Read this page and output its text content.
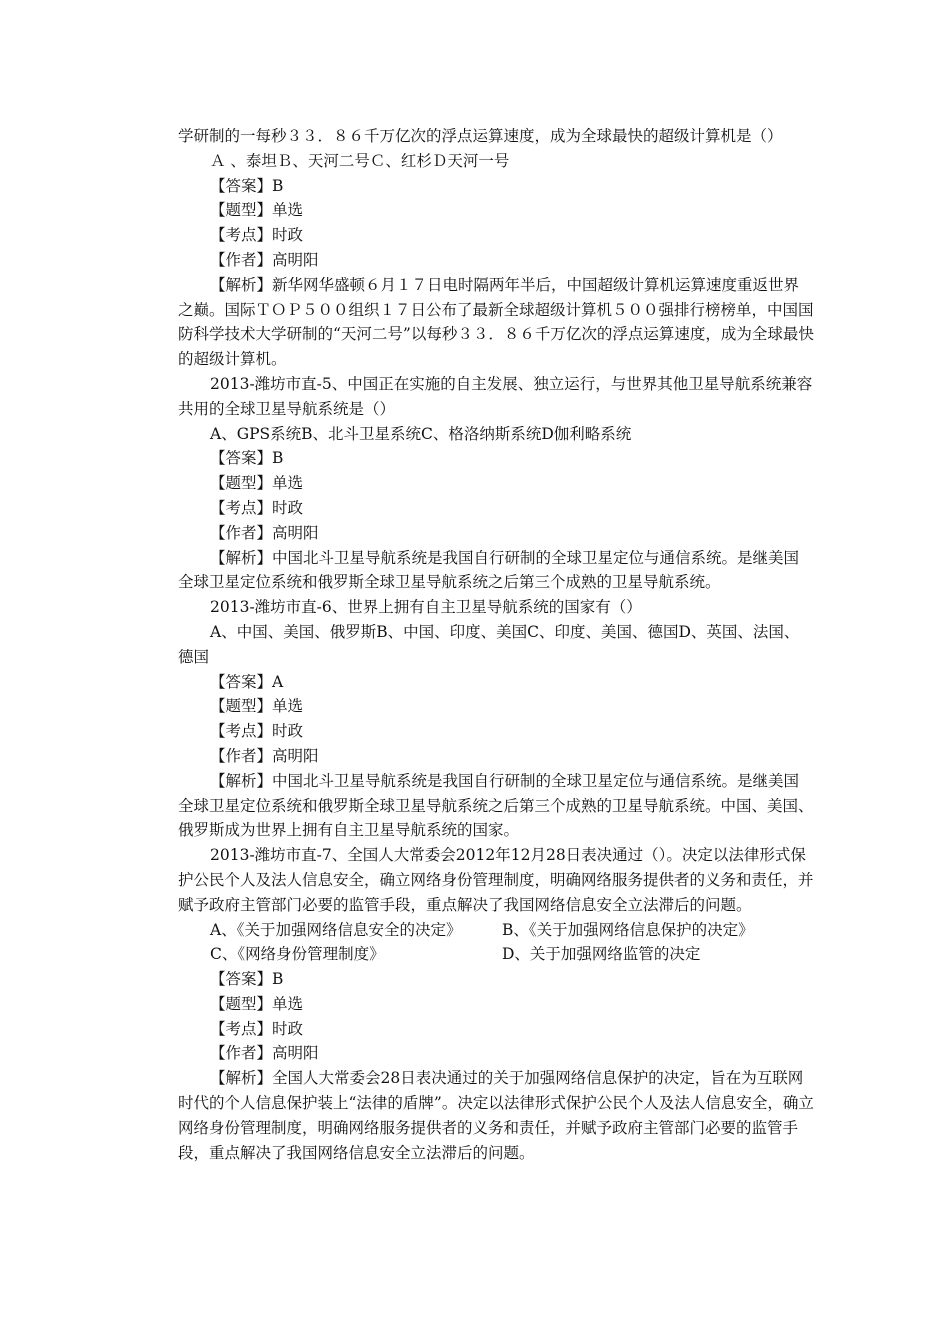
学研制的一每秒３３．８６千万亿次的浮点运算速度，成为全球最快的超级计算机是（）

Ａ 、泰坦Ｂ、天河二号Ｃ、红杉Ｄ天河一号

【答案】B

【题型】单选

【考点】时政

【作者】高明阳

【解析】新华网华盛顿６月１７日电时隔两年半后，中国超级计算机运算速度重返世界之巅。国际ＴＯＰ５００组织１７日公布了最新全球超级计算机５００强排行榜榜单，中国国防科学技术大学研制的“天河二号”以每秒３３．８６千万亿次的浮点运算速度，成为全球最快的超级计算机。

2013-潍坊市直-5、中国正在实施的自主发展、独立运行，与世界其他卫星导航系统兼容共用的全球卫星导航系统是（）

A、GPS系统B、北斗卫星系统C、格洛纳斯系统D伽利略系统

【答案】B

【题型】单选

【考点】时政

【作者】高明阳

【解析】中国北斗卫星导航系统是我国自行研制的全球卫星定位与通信系统。是继美国全球卫星定位系统和俄罗斯全球卫星导航系统之后第三个成熟的卫星导航系统。

2013-潍坊市直-6、世界上拥有自主卫星导航系统的国家有（）

A、中国、美国、俄罗斯B、中国、印度、美国C、印度、美国、德国D、英国、法国、德国

【答案】A

【题型】单选

【考点】时政

【作者】高明阳

【解析】中国北斗卫星导航系统是我国自行研制的全球卫星定位与通信系统。是继美国全球卫星定位系统和俄罗斯全球卫星导航系统之后第三个成熟的卫星导航系统。中国、美国、俄罗斯成为世界上拥有自主卫星导航系统的国家。

2013-潍坊市直-7、全国人大常委会2012年12月28日表决通过（）。决定以法律形式保护公民个人及法人信息安全，确立网络身份管理制度，明确网络服务提供者的义务和责任，并赋予政府主管部门必要的监管手段，重点解决了我国网络信息安全立法滞后的问题。

A、《关于加强网络信息安全的决定》	B、《关于加强网络信息保护的决定》
C、《网络身份管理制度》	D、关于加强网络监管的决定

【答案】B

【题型】单选

【考点】时政

【作者】高明阳

【解析】全国人大常委会28日表决通过的关于加强网络信息保护的决定，旨在为互联网时代的个人信息保护装上“法律的盾牌”。决定以法律形式保护公民个人及法人信息安全，确立网络身份管理制度，明确网络服务提供者的义务和责任，并赋予政府主管部门必要的监管手段，重点解决了我国网络信息安全立法滞后的问题。
